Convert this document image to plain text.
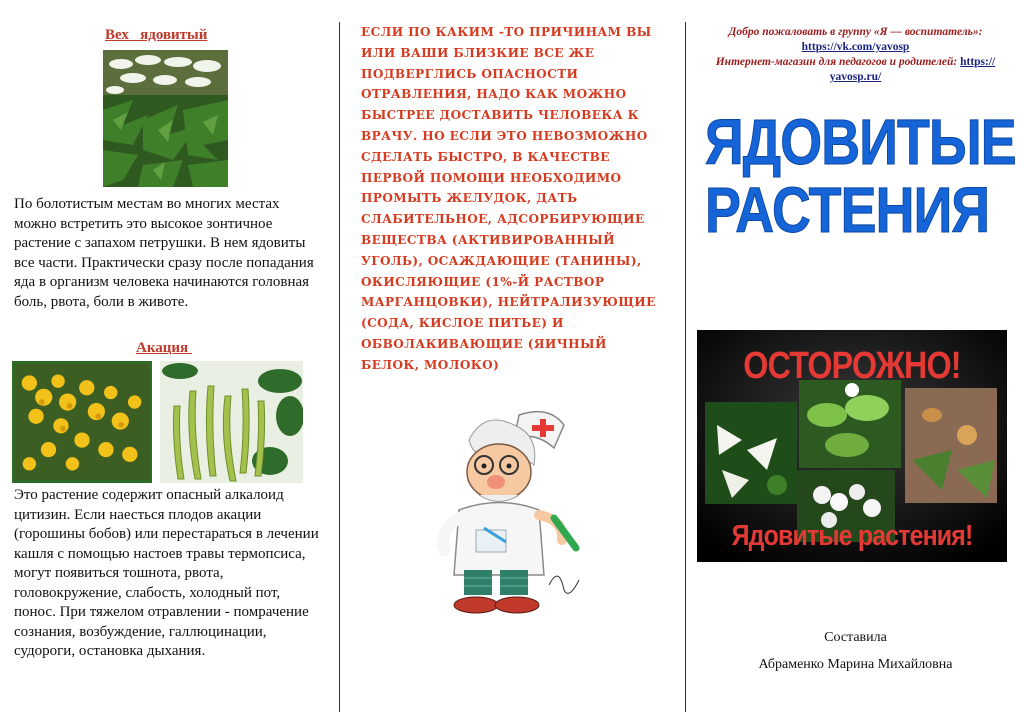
Вех   ядовитый
По болотистым местам во многих местах можно встретить это высокое зонтичное растение с запахом петрушки. В нем ядовиты все части. Практически сразу после попадания яда в организм человека начинаются головная боль, рвота, боли в животе.
Акация
Это растение содержит опасный алкалоид цитизин. Если наесться плодов акации (горошины бобов) или перестараться в лечении кашля с помощью настоев травы термопсиса, могут появиться тошнота, рвота, головокружение, слабость, холодный пот, понос. При тяжелом отравлении - помрачение сознания, возбуждение, галлюцинации, судороги, остановка дыхания.
ЕСЛИ ПО КАКИМ -ТО ПРИЧИНАМ ВЫ ИЛИ ВАШИ БЛИЗКИЕ ВСЕ ЖЕ ПОДВЕРГЛИСЬ ОПАСНОСТИ ОТРАВЛЕНИЯ, НАДО КАК МОЖНО БЫСТРЕЕ ДОСТАВИТЬ ЧЕЛОВЕКА К ВРАЧУ. НО ЕСЛИ ЭТО НЕВОЗМОЖНО СДЕЛАТЬ БЫСТРО, В КАЧЕСТВЕ ПЕРВОЙ ПОМОЩИ НЕОБХОДИМО ПРОМЫТЬ ЖЕЛУДОК, ДАТЬ СЛАБИТЕЛЬНОЕ, АДСОРБИРУЮЩИЕ ВЕЩЕСТВА (АКТИВИРОВАННЫЙ УГОЛЬ), ОСАЖДАЮЩИЕ (ТАНИНЫ), ОКИСЛЯЮЩИЕ (1%-Й РАСТВОР МАРГАНЦОВКИ), НЕЙТРАЛИЗУЮЩИЕ (СОДА, КИСЛОЕ ПИТЬЕ) И ОБВОЛАКИВАЮЩИЕ (ЯИЧНЫЙ БЕЛОК, МОЛОКО)
Добро пожаловать в группу «Я — воспитатель»:
https://vk.com/yavosp
Интернет-магазин для педагогов и родителей: https://
yavosp.ru/
ЯДОВИТЫЕ
РАСТЕНИЯ
ОСТОРОЖНО!
Ядовитые растения!
Составила
Абраменко Марина Михайловна
